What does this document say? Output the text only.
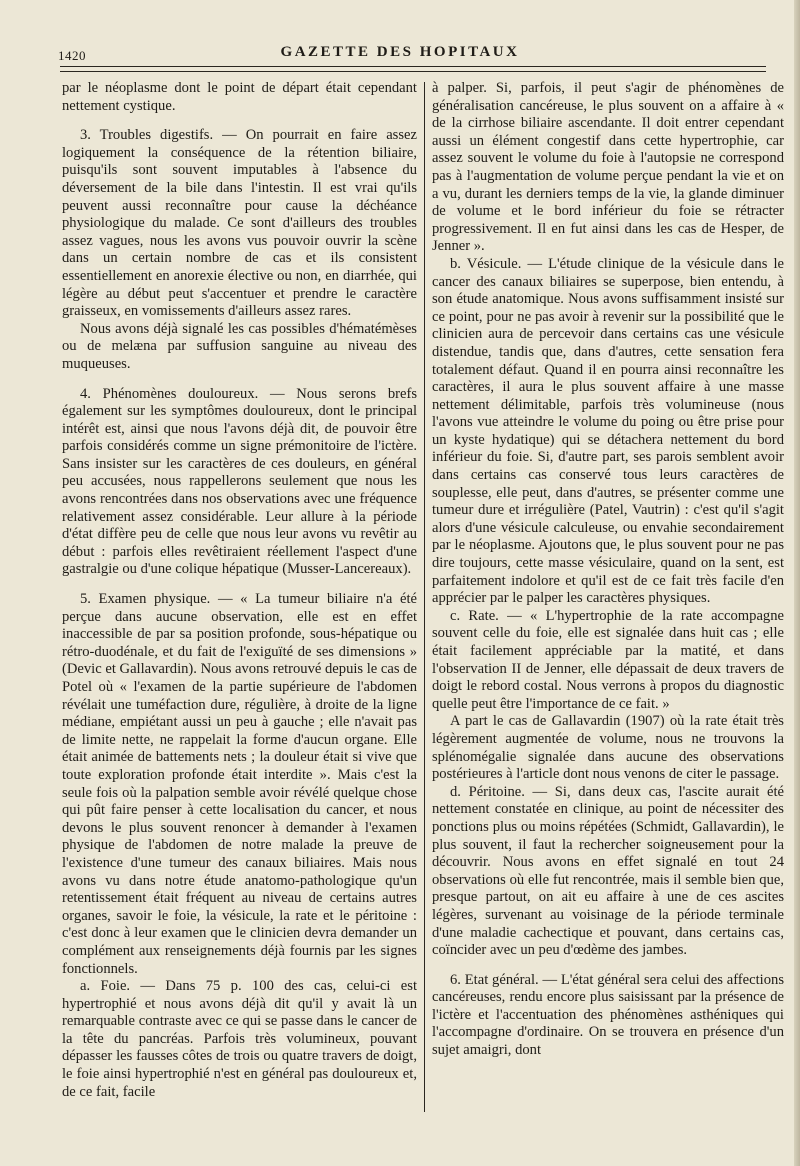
1420	GAZETTE DES HOPITAUX

par le néoplasme dont le point de départ était cependant nettement cystique.

3. Troubles digestifs. — On pourrait en faire assez logiquement la conséquence de la rétention biliaire, puisqu'ils sont souvent imputables à l'absence du déversement de la bile dans l'intestin. Il est vrai qu'ils peuvent aussi reconnaître pour cause la déchéance physiologique du malade. Ce sont d'ailleurs des troubles assez vagues, nous les avons vus pouvoir ouvrir la scène dans un certain nombre de cas et ils consistent essentiellement en anorexie élective ou non, en diarrhée, qui légère au début peut s'accentuer et prendre le caractère graisseux, en vomissements d'ailleurs assez rares.

Nous avons déjà signalé les cas possibles d'hématémèses ou de melæna par suffusion sanguine au niveau des muqueuses.

4. Phénomènes douloureux. — Nous serons brefs également sur les symptômes douloureux, dont le principal intérêt est, ainsi que nous l'avons déjà dit, de pouvoir être parfois considérés comme un signe prémonitoire de l'ictère. Sans insister sur les caractères de ces douleurs, en général peu accusées, nous rappellerons seulement que nous les avons rencontrées dans nos observations avec une fréquence relativement assez considérable. Leur allure à la période d'état diffère peu de celle que nous leur avons vu revêtir au début : parfois elles revêtiraient réellement l'aspect d'une gastralgie ou d'une colique hépatique (Musser-Lancereaux).

5. Examen physique. — « La tumeur biliaire n'a été perçue dans aucune observation, elle est en effet inaccessible de par sa position profonde, sous-hépatique ou rétro-duodénale, et du fait de l'exiguïté de ses dimensions » (Devic et Gallavardin). Nous avons retrouvé depuis le cas de Potel où « l'examen de la partie supérieure de l'abdomen révélait une tuméfaction dure, régulière, à droite de la ligne médiane, empiétant aussi un peu à gauche ; elle n'avait pas de limite nette, ne rappelait la forme d'aucun organe. Elle était animée de battements nets ; la douleur était si vive que toute exploration profonde était interdite ». Mais c'est la seule fois où la palpation semble avoir révélé quelque chose qui pût faire penser à cette localisation du cancer, et nous devons le plus souvent renoncer à demander à l'examen physique de l'abdomen de notre malade la preuve de l'existence d'une tumeur des canaux biliaires. Mais nous avons vu dans notre étude anatomo-pathologique qu'un retentissement était fréquent au niveau de certains autres organes, savoir le foie, la vésicule, la rate et le péritoine : c'est donc à leur examen que le clinicien devra demander un complément aux renseignements déjà fournis par les signes fonctionnels.

a. Foie. — Dans 75 p. 100 des cas, celui-ci est hypertrophié et nous avons déjà dit qu'il y avait là un remarquable contraste avec ce qui se passe dans le cancer de la tête du pancréas. Parfois très volumineux, pouvant dépasser les fausses côtes de trois ou quatre travers de doigt, le foie ainsi hypertrophié n'est en général pas douloureux et, de ce fait, facile

à palper. Si, parfois, il peut s'agir de phénomènes de généralisation cancéreuse, le plus souvent on a affaire à « de la cirrhose biliaire ascendante. Il doit entrer cependant aussi un élément congestif dans cette hypertrophie, car assez souvent le volume du foie à l'autopsie ne correspond pas à l'augmentation de volume perçue pendant la vie et on a vu, durant les derniers temps de la vie, la glande diminuer de volume et le bord inférieur du foie se rétracter progressivement. Il en fut ainsi dans les cas de Hesper, de Jenner ».

b. Vésicule. — L'étude clinique de la vésicule dans le cancer des canaux biliaires se superpose, bien entendu, à son étude anatomique. Nous avons suffisamment insisté sur ce point, pour ne pas avoir à revenir sur la possibilité que le clinicien aura de percevoir dans certains cas une vésicule distendue, tandis que, dans d'autres, cette sensation fera totalement défaut. Quand il en pourra ainsi reconnaître les caractères, il aura le plus souvent affaire à une masse nettement délimitable, parfois très volumineuse (nous l'avons vue atteindre le volume du poing ou être prise pour un kyste hydatique) qui se détachera nettement du bord inférieur du foie. Si, d'autre part, ses parois semblent avoir dans certains cas conservé tous leurs caractères de souplesse, elle peut, dans d'autres, se présenter comme une tumeur dure et irrégulière (Patel, Vautrin) : c'est qu'il s'agit alors d'une vésicule calculeuse, ou envahie secondairement par le néoplasme. Ajoutons que, le plus souvent pour ne pas dire toujours, cette masse vésiculaire, quand on la sent, est parfaitement indolore et qu'il est de ce fait très facile d'en apprécier par le palper les caractères physiques.

c. Rate. — « L'hypertrophie de la rate accompagne souvent celle du foie, elle est signalée dans huit cas ; elle était facilement appréciable par la matité, et dans l'observation II de Jenner, elle dépassait de deux travers de doigt le rebord costal. Nous verrons à propos du diagnostic quelle peut être l'importance de ce fait. »

A part le cas de Gallavardin (1907) où la rate était très légèrement augmentée de volume, nous ne trouvons la splénomégalie signalée dans aucune des observations postérieures à l'article dont nous venons de citer le passage.

d. Péritoine. — Si, dans deux cas, l'ascite aurait été nettement constatée en clinique, au point de nécessiter des ponctions plus ou moins répétées (Schmidt, Gallavardin), le plus souvent, il faut la rechercher soigneusement pour la découvrir. Nous avons en effet signalé en tout 24 observations où elle fut rencontrée, mais il semble bien que, presque partout, on ait eu affaire à une de ces ascites légères, survenant au voisinage de la période terminale d'une maladie cachectique et pouvant, dans certains cas, coïncider avec un peu d'œdème des jambes.

6. Etat général. — L'état général sera celui des affections cancéreuses, rendu encore plus saisissant par la présence de l'ictère et l'accentuation des phénomènes asthéniques qui l'accompagne d'ordinaire. On se trouvera en présence d'un sujet amaigri, dont
